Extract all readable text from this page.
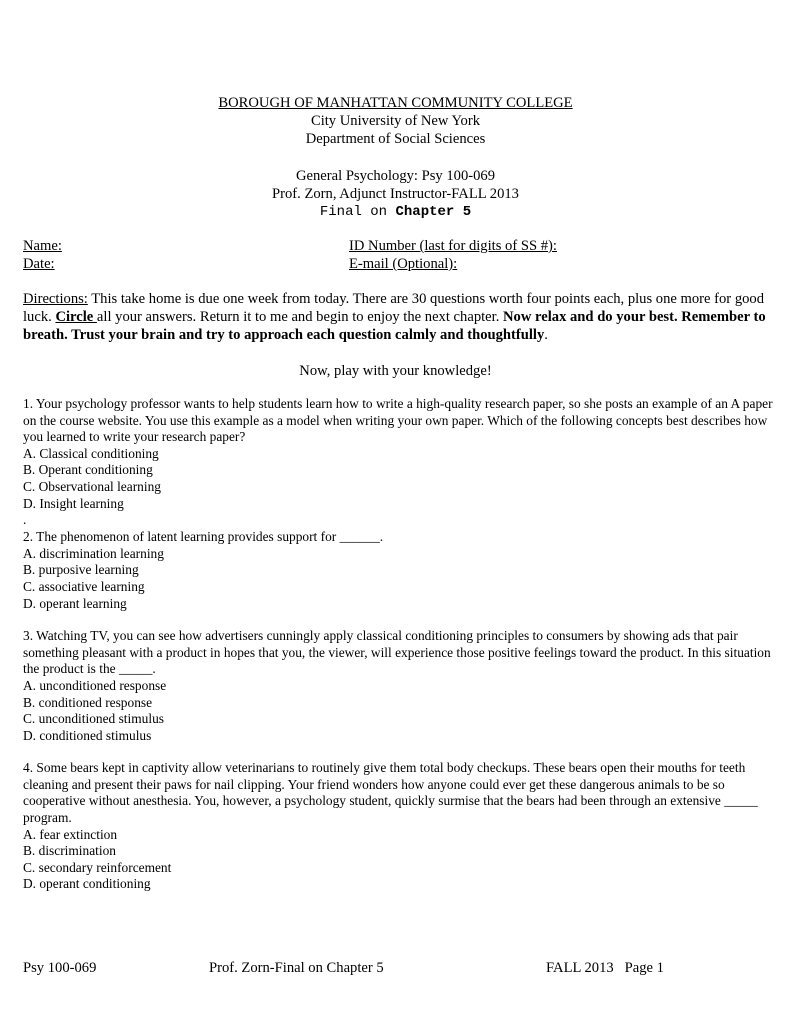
BOROUGH OF MANHATTAN COMMUNITY COLLEGE
City University of New York
Department of Social Sciences
General Psychology: Psy 100-069
Prof. Zorn, Adjunct Instructor-FALL 2013
Final on Chapter 5
Name:	ID Number (last for digits of SS #):
Date:	E-mail (Optional):
Directions: This take home is due one week from today. There are 30 questions worth four points each, plus one more for good luck. Circle all your answers. Return it to me and begin to enjoy the next chapter. Now relax and do your best. Remember to breath. Trust your brain and try to approach each question calmly and thoughtfully.
Now, play with your knowledge!
1. Your psychology professor wants to help students learn how to write a high-quality research paper, so she posts an example of an A paper on the course website. You use this example as a model when writing your own paper. Which of the following concepts best describes how you learned to write your research paper?
A. Classical conditioning
B. Operant conditioning
C. Observational learning
D. Insight learning
.
2. The phenomenon of latent learning provides support for ______.
A. discrimination learning
B. purposive learning
C. associative learning
D. operant learning
3. Watching TV, you can see how advertisers cunningly apply classical conditioning principles to consumers by showing ads that pair something pleasant with a product in hopes that you, the viewer, will experience those positive feelings toward the product. In this situation the product is the _____.
A. unconditioned response
B. conditioned response
C. unconditioned stimulus
D. conditioned stimulus
4. Some bears kept in captivity allow veterinarians to routinely give them total body checkups. These bears open their mouths for teeth cleaning and present their paws for nail clipping. Your friend wonders how anyone could ever get these dangerous animals to be so cooperative without anesthesia. You, however, a psychology student, quickly surmise that the bears had been through an extensive _____ program.
A. fear extinction
B. discrimination
C. secondary reinforcement
D. operant conditioning
Psy 100-069	Prof. Zorn-Final on Chapter 5	FALL 2013   Page 1
